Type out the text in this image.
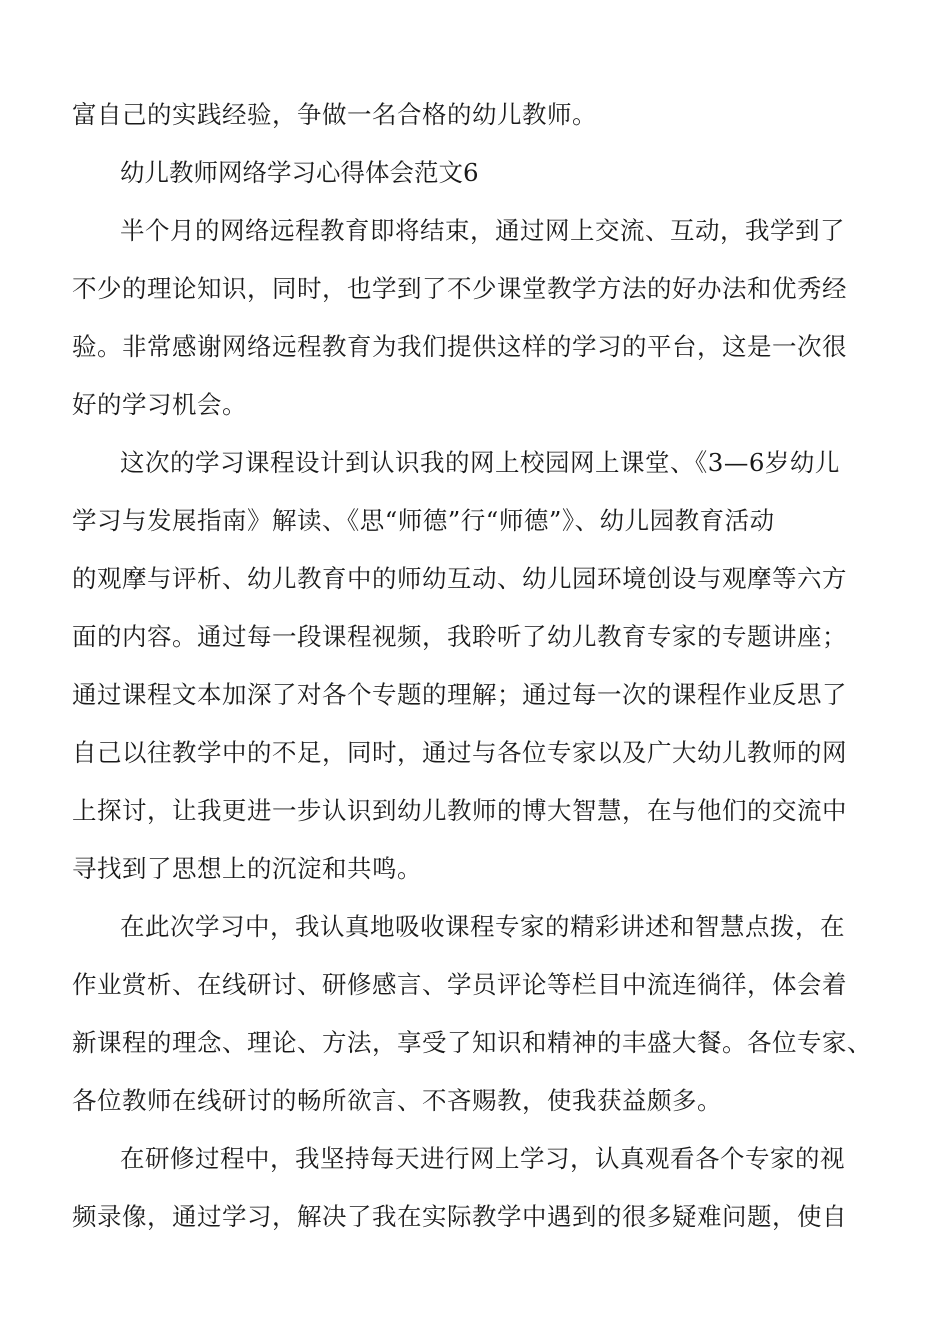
富自己的实践经验，争做一名合格的幼儿教师。
幼儿教师网络学习心得体会范文6
半个月的网络远程教育即将结束，通过网上交流、互动，我学到了
不少的理论知识，同时，也学到了不少课堂教学方法的好办法和优秀经
验。非常感谢网络远程教育为我们提供这样的学习的平台，这是一次很
好的学习机会。
这次的学习课程设计到认识我的网上校园网上课堂、《3—6岁幼儿
学习与发展指南》解读、《思“师德”行“师德”》、幼儿园教育活动
的观摩与评析、幼儿教育中的师幼互动、幼儿园环境创设与观摩等六方
面的内容。通过每一段课程视频，我聆听了幼儿教育专家的专题讲座；
通过课程文本加深了对各个专题的理解；通过每一次的课程作业反思了
自己以往教学中的不足，同时，通过与各位专家以及广大幼儿教师的网
上探讨，让我更进一步认识到幼儿教师的博大智慧，在与他们的交流中
寻找到了思想上的沉淀和共鸣。
在此次学习中，我认真地吸收课程专家的精彩讲述和智慧点拨，在
作业赏析、在线研讨、研修感言、学员评论等栏目中流连徜徉，体会着
新课程的理念、理论、方法，享受了知识和精神的丰盛大餐。各位专家、
各位教师在线研讨的畅所欲言、不吝赐教，使我获益颇多。
在研修过程中，我坚持每天进行网上学习，认真观看各个专家的视
频录像，通过学习，解决了我在实际教学中遇到的很多疑难问题，使自
